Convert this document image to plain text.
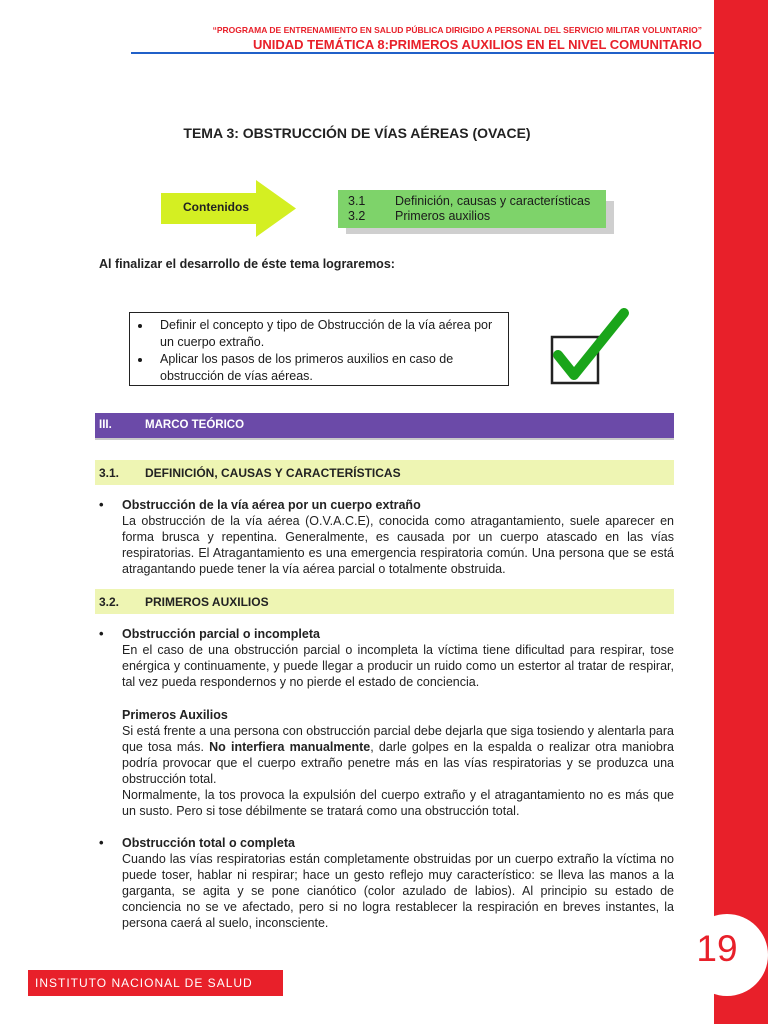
“PROGRAMA DE ENTRENAMIENTO EN SALUD PÚBLICA DIRIGIDO A PERSONAL DEL SERVICIO MILITAR VOLUNTARIO”
UNIDAD TEMÁTICA 8:PRIMEROS AUXILIOS EN EL NIVEL COMUNITARIO
TEMA 3: OBSTRUCCIÓN DE VÍAS AÉREAS (OVACE)
Contenidos	3.1 Definición, causas y características
3.2 Primeros auxilios
Al finalizar el desarrollo de éste tema lograremos:
• Definir el concepto y tipo de Obstrucción de la vía aérea por un cuerpo extraño.
• Aplicar los pasos de los primeros auxilios en caso de obstrucción de vías aéreas.
III.	MARCO TEÓRICO
3.1. DEFINICIÓN, CAUSAS Y CARACTERÍSTICAS
• Obstrucción de la vía aérea por un cuerpo extraño
La obstrucción de la vía aérea (O.V.A.C.E), conocida como atragantamiento, suele aparecer en forma brusca y repentina. Generalmente, es causada por un cuerpo atascado en las vías respiratorias. El Atragantamiento es una emergencia respiratoria común. Una persona que se está atragantando puede tener la vía aérea parcial o totalmente obstruida.
3.2. PRIMEROS AUXILIOS
• Obstrucción parcial o incompleta
En el caso de una obstrucción parcial o incompleta la víctima tiene dificultad para respirar, tose enérgica y continuamente, y puede llegar a producir un ruido como un estertor al tratar de respirar, tal vez pueda respondernos y no pierde el estado de conciencia.
Primeros Auxilios
Si está frente a una persona con obstrucción parcial debe dejarla que siga tosiendo y alentarla para que tosa más. No interfiera manualmente, darle golpes en la espalda o realizar otra maniobra podría provocar que el cuerpo extraño penetre más en las vías respiratorias y se produzca una obstrucción total.
Normalmente, la tos provoca la expulsión del cuerpo extraño y el atragantamiento no es más que un susto. Pero si tose débilmente se tratará como una obstrucción total.
• Obstrucción total o completa
Cuando las vías respiratorias están completamente obstruidas por un cuerpo extraño la víctima no puede toser, hablar ni respirar; hace un gesto reflejo muy característico: se lleva las manos a la garganta, se agita y se pone cianótico (color azulado de labios). Al principio su estado de conciencia no se ve afectado, pero si no logra restablecer la respiración en breves instantes, la persona caerá al suelo, inconsciente.
19
INSTITUTO NACIONAL DE SALUD
